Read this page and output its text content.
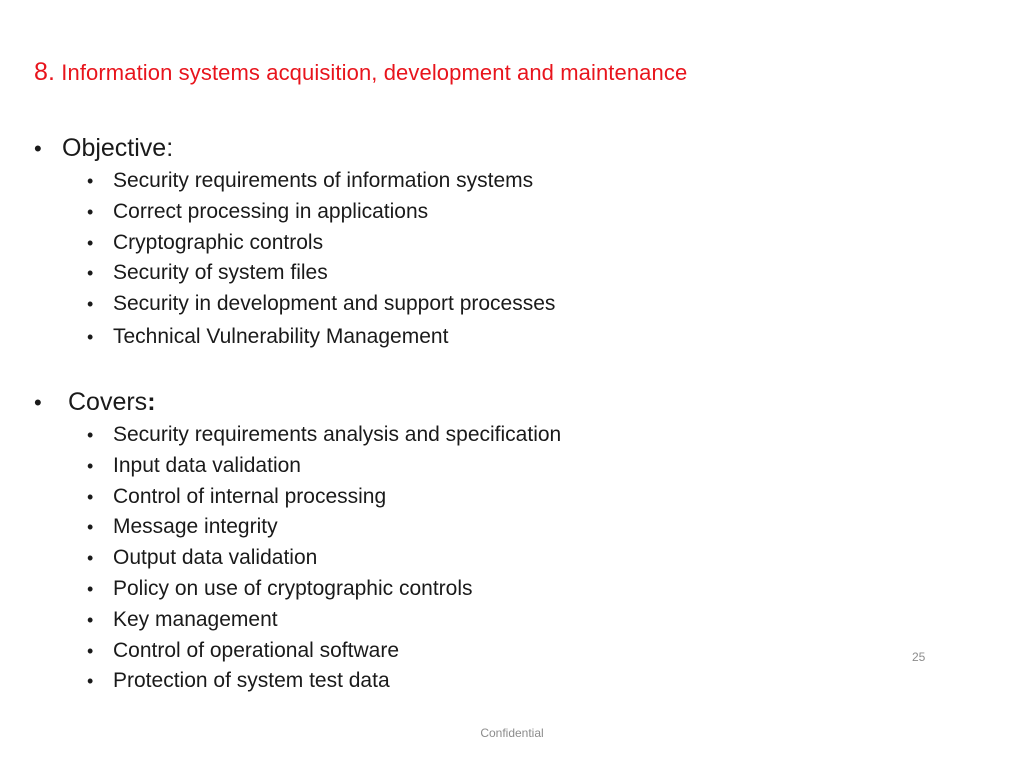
8. Information systems acquisition, development and maintenance
• Objective:
• Security requirements of information systems
• Correct processing in applications
• Cryptographic controls
• Security of system files
• Security in development and support processes
• Technical Vulnerability Management
•	Covers :
• Security requirements analysis and specification
• Input data validation
• Control of internal processing
• Message integrity
• Output data validation
• Policy on use of cryptographic controls
• Key management
• Control of operational software
• Protection of system test data
25
Confidential
